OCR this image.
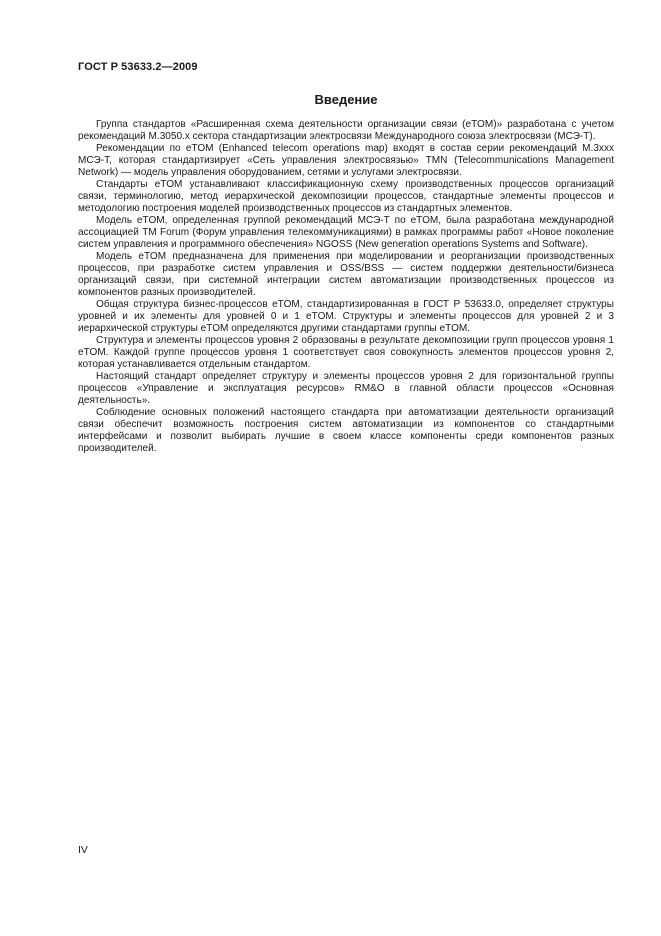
ГОСТ Р 53633.2—2009
Введение

Группа стандартов «Расширенная схема деятельности организации связи (eTOM)» разработана с учетом рекомендаций М.3050.х сектора стандартизации электросвязи Международного союза электросвязи (МСЭ-Т).

Рекомендации по eTOM (Enhanced telecom operations map) входят в состав серии рекомендаций М.3ххх МСЭ-Т, которая стандартизирует «Сеть управления электросвязью» TMN (Telecommunications Management Network) — модель управления оборудованием, сетями и услугами электросвязи.

Стандарты eTOM устанавливают классификационную схему производственных процессов организаций связи, терминологию, метод иерархической декомпозиции процессов, стандартные элементы процессов и методологию построения моделей производственных процессов из стандартных элементов.

Модель eTOM, определенная группой рекомендаций МСЭ-Т по eTOM, была разработана международной ассоциацией TM Forum (Форум управления телекоммуникациями) в рамках программы работ «Новое поколение систем управления и программного обеспечения» NGOSS (New generation operations Systems and Software).

Модель eTOM предназначена для применения при моделировании и реорганизации производственных процессов, при разработке систем управления и OSS/BSS — систем поддержки деятельности/бизнеса организаций связи, при системной интеграции систем автоматизации производственных процессов из компонентов разных производителей.

Общая структура бизнес-процессов eTOM, стандартизированная в ГОСТ Р 53633.0, определяет структуры уровней и их элементы для уровней 0 и 1 eTOM. Структуры и элементы процессов для уровней 2 и 3 иерархической структуры eTOM определяются другими стандартами группы eTOM.

Структура и элементы процессов уровня 2 образованы в результате декомпозиции групп процессов уровня 1 eTOM. Каждой группе процессов уровня 1 соответствует своя совокупность элементов процессов уровня 2, которая устанавливается отдельным стандартом.

Настоящий стандарт определяет структуру и элементы процессов уровня 2 для горизонтальной группы процессов «Управление и эксплуатация ресурсов» RM&O в главной области процессов «Основная деятельность».

Соблюдение основных положений настоящего стандарта при автоматизации деятельности организаций связи обеспечит возможность построения систем автоматизации из компонентов со стандартными интерфейсами и позволит выбирать лучшие в своем классе компоненты среди компонентов разных производителей.

IV
